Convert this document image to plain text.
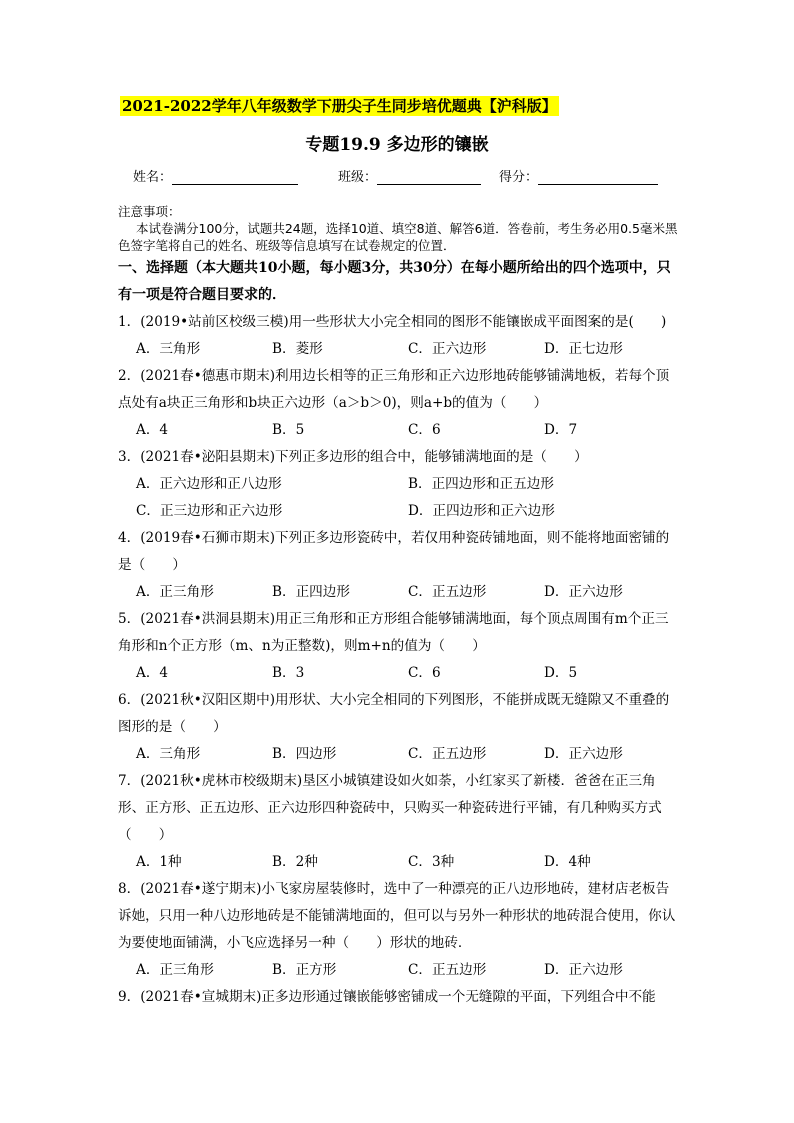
2021-2022学年八年级数学下册尖子生同步培优题典【沪科版】
专题19.9 多边形的镶嵌
姓名：	班级：	得分：

注意事项：

本试卷满分100分，试题共24题，选择10道、填空8道、解答6道．答卷前，考生务必用0.5毫米黑色签字笔将自己的姓名、班级等信息填写在试卷规定的位置．

一、选择题（本大题共10小题，每小题3分，共30分）在每小题所给出的四个选项中，只有一项是符合题目要求的．

1．(2019•站前区校级三模)用一些形状大小完全相同的图形不能镶嵌成平面图案的是(　　)

A．三角形	B．菱形	C．正六边形	D．正七边形

2．(2021春•德惠市期末)利用边长相等的正三角形和正六边形地砖能够铺满地板，若每个顶点处有a块正三角形和b块正六边形（a＞b＞0)，则a+b的值为（　　）

A．4	B．5	C．6	D．7

3．(2021春•泌阳县期末)下列正多边形的组合中，能够铺满地面的是（　　）

A．正六边形和正八边形	B．正四边形和正五边形
C．正三边形和正六边形	D．正四边形和正六边形

4．(2019春•石狮市期末)下列正多边形瓷砖中，若仅用种瓷砖铺地面，则不能将地面密铺的是（　　）

A．正三角形	B．正四边形	C．正五边形	D．正六边形

5．(2021春•洪洞县期末)用正三角形和正方形组合能够铺满地面，每个顶点周围有m个正三角形和n个正方形（m、n为正整数)，则m+n的值为（　　）

A．4	B．3	C．6	D．5

6．(2021秋•汉阳区期中)用形状、大小完全相同的下列图形，不能拼成既无缝隙又不重叠的图形的是（　　）

A．三角形	B．四边形	C．正五边形	D．正六边形

7．(2021秋•虎林市校级期末)垦区小城镇建设如火如荼，小红家买了新楼．爸爸在正三角形、正方形、正五边形、正六边形四种瓷砖中，只购买一种瓷砖进行平铺，有几种购买方式（　　）

A．1种	B．2种	C．3种	D．4种

8．(2021春•遂宁期末)小飞家房屋装修时，选中了一种漂亮的正八边形地砖，建材店老板告诉她，只用一种八边形地砖是不能铺满地面的，但可以与另外一种形状的地砖混合使用，你认为要使地面铺满，小飞应选择另一种（　　）形状的地砖．

A．正三角形	B．正方形	C．正五边形	D．正六边形

9．(2021春•宣城期末)正多边形通过镶嵌能够密铺成一个无缝隙的平面，下列组合中不能
